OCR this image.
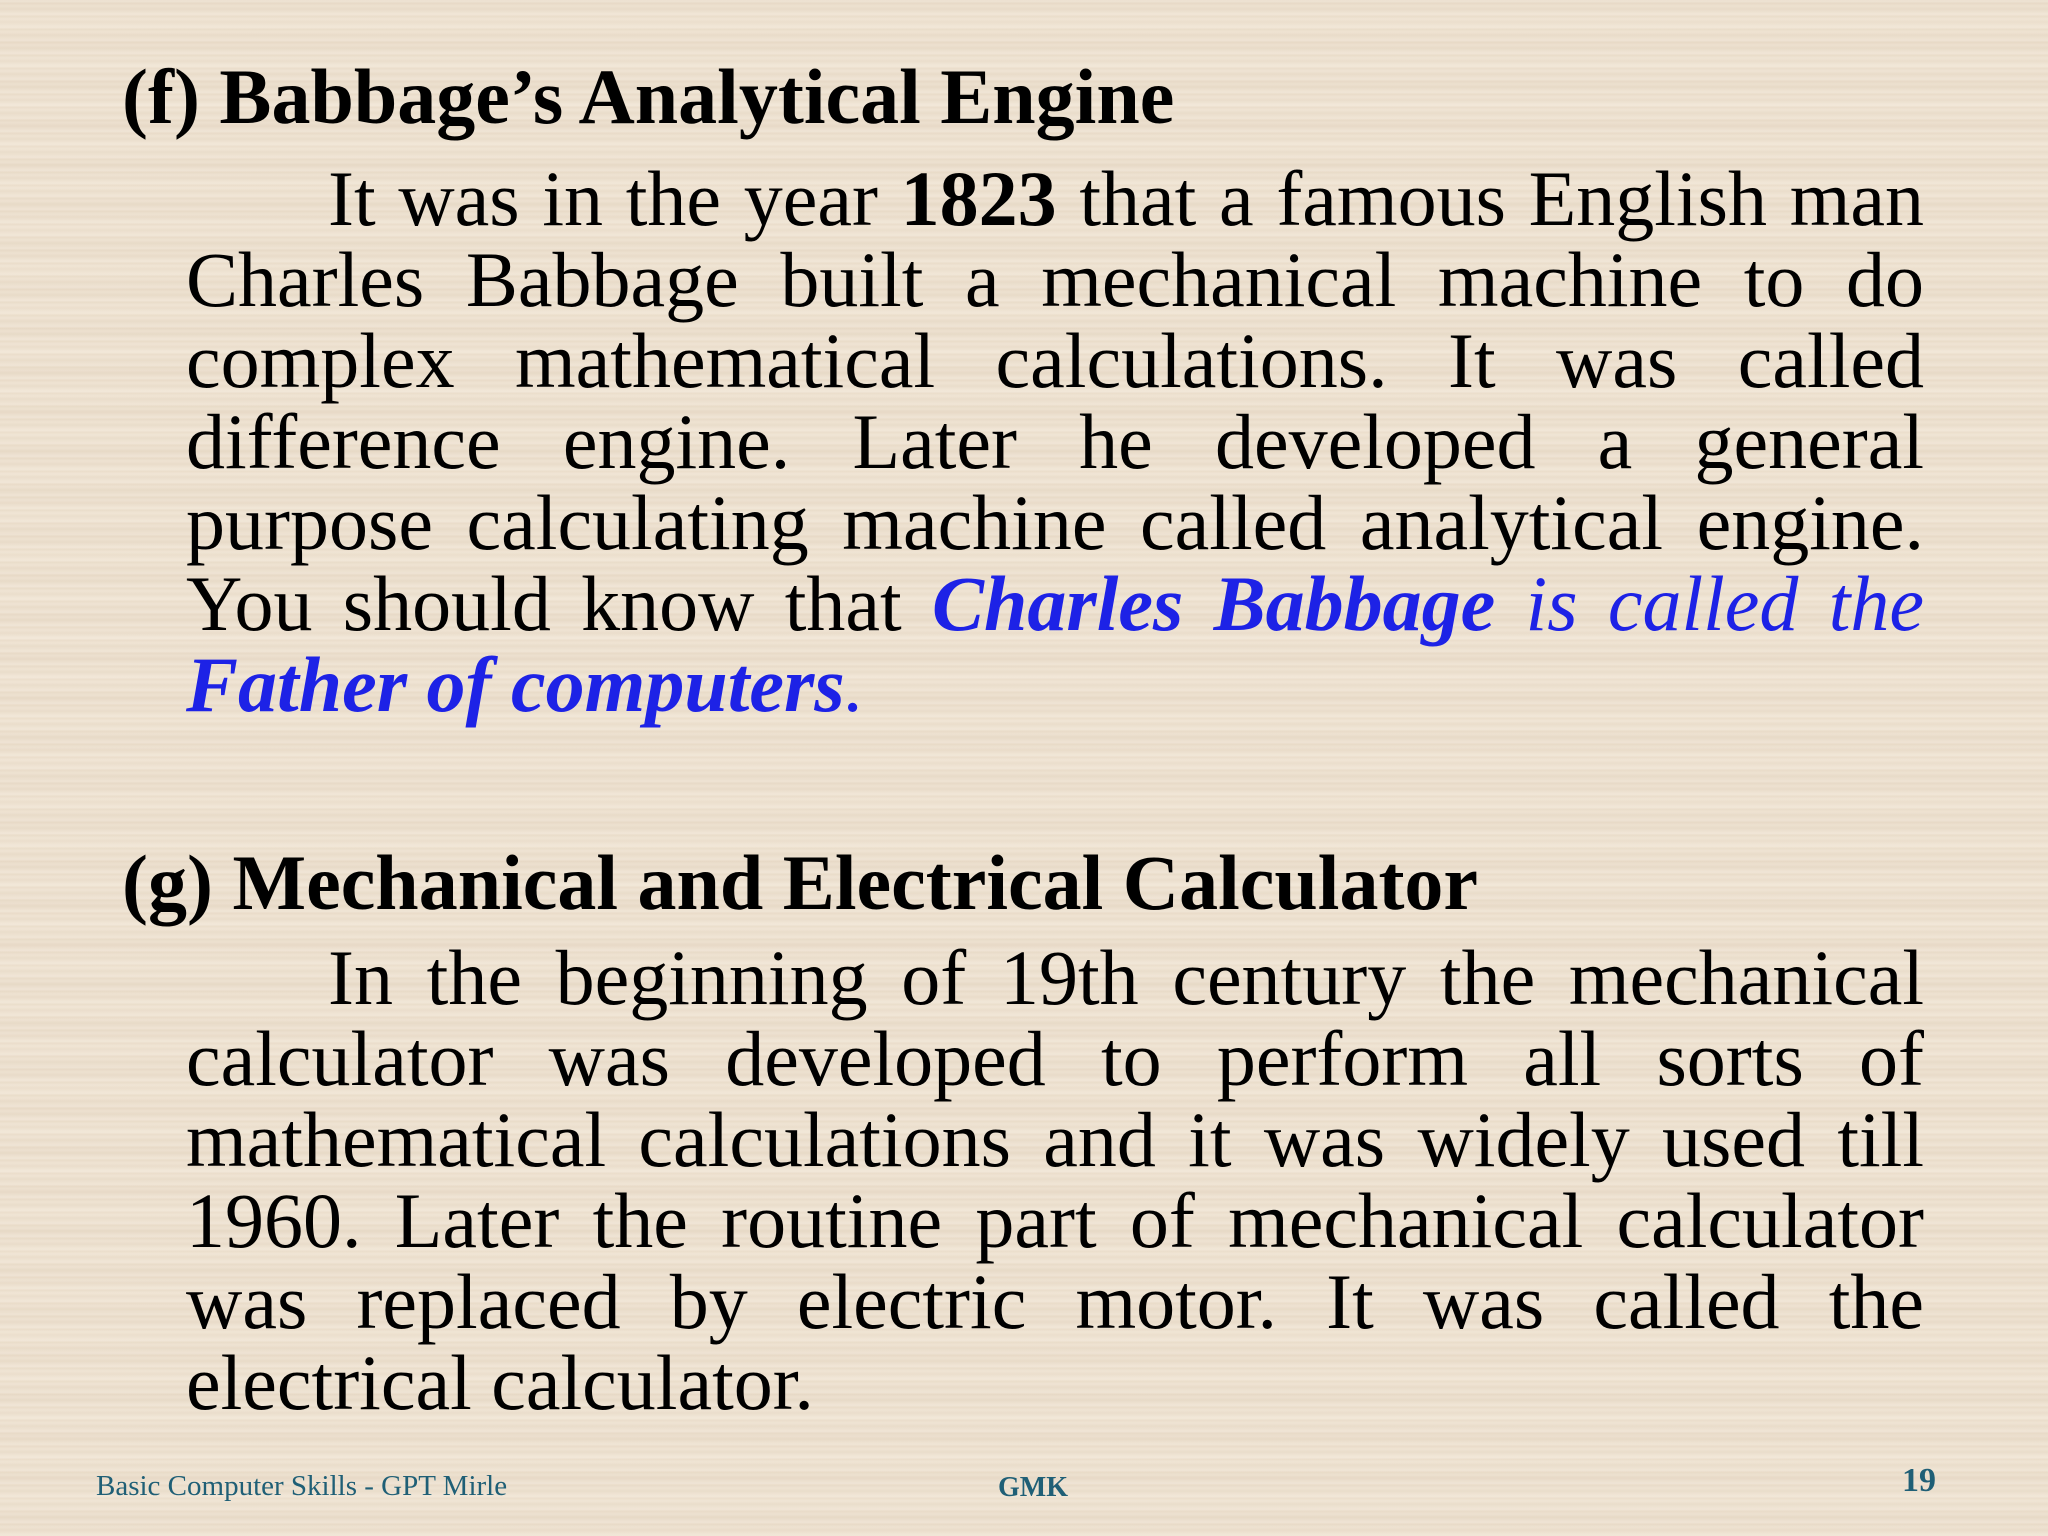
(f) Babbage’s Analytical Engine

It was in the year 1823 that a famous English man Charles Babbage built a mechanical machine to do complex mathematical calculations. It was called difference engine. Later he developed a general purpose calculating machine called analytical engine. You should know that Charles Babbage is called the Father of computers.

(g) Mechanical and Electrical Calculator

In the beginning of 19th century the mechanical calculator was developed to perform all sorts of mathematical calculations and it was widely used till 1960. Later the routine part of mechanical calculator was replaced by electric motor. It was called the electrical calculator.

Basic Computer Skills - GPT Mirle	GMK	19
